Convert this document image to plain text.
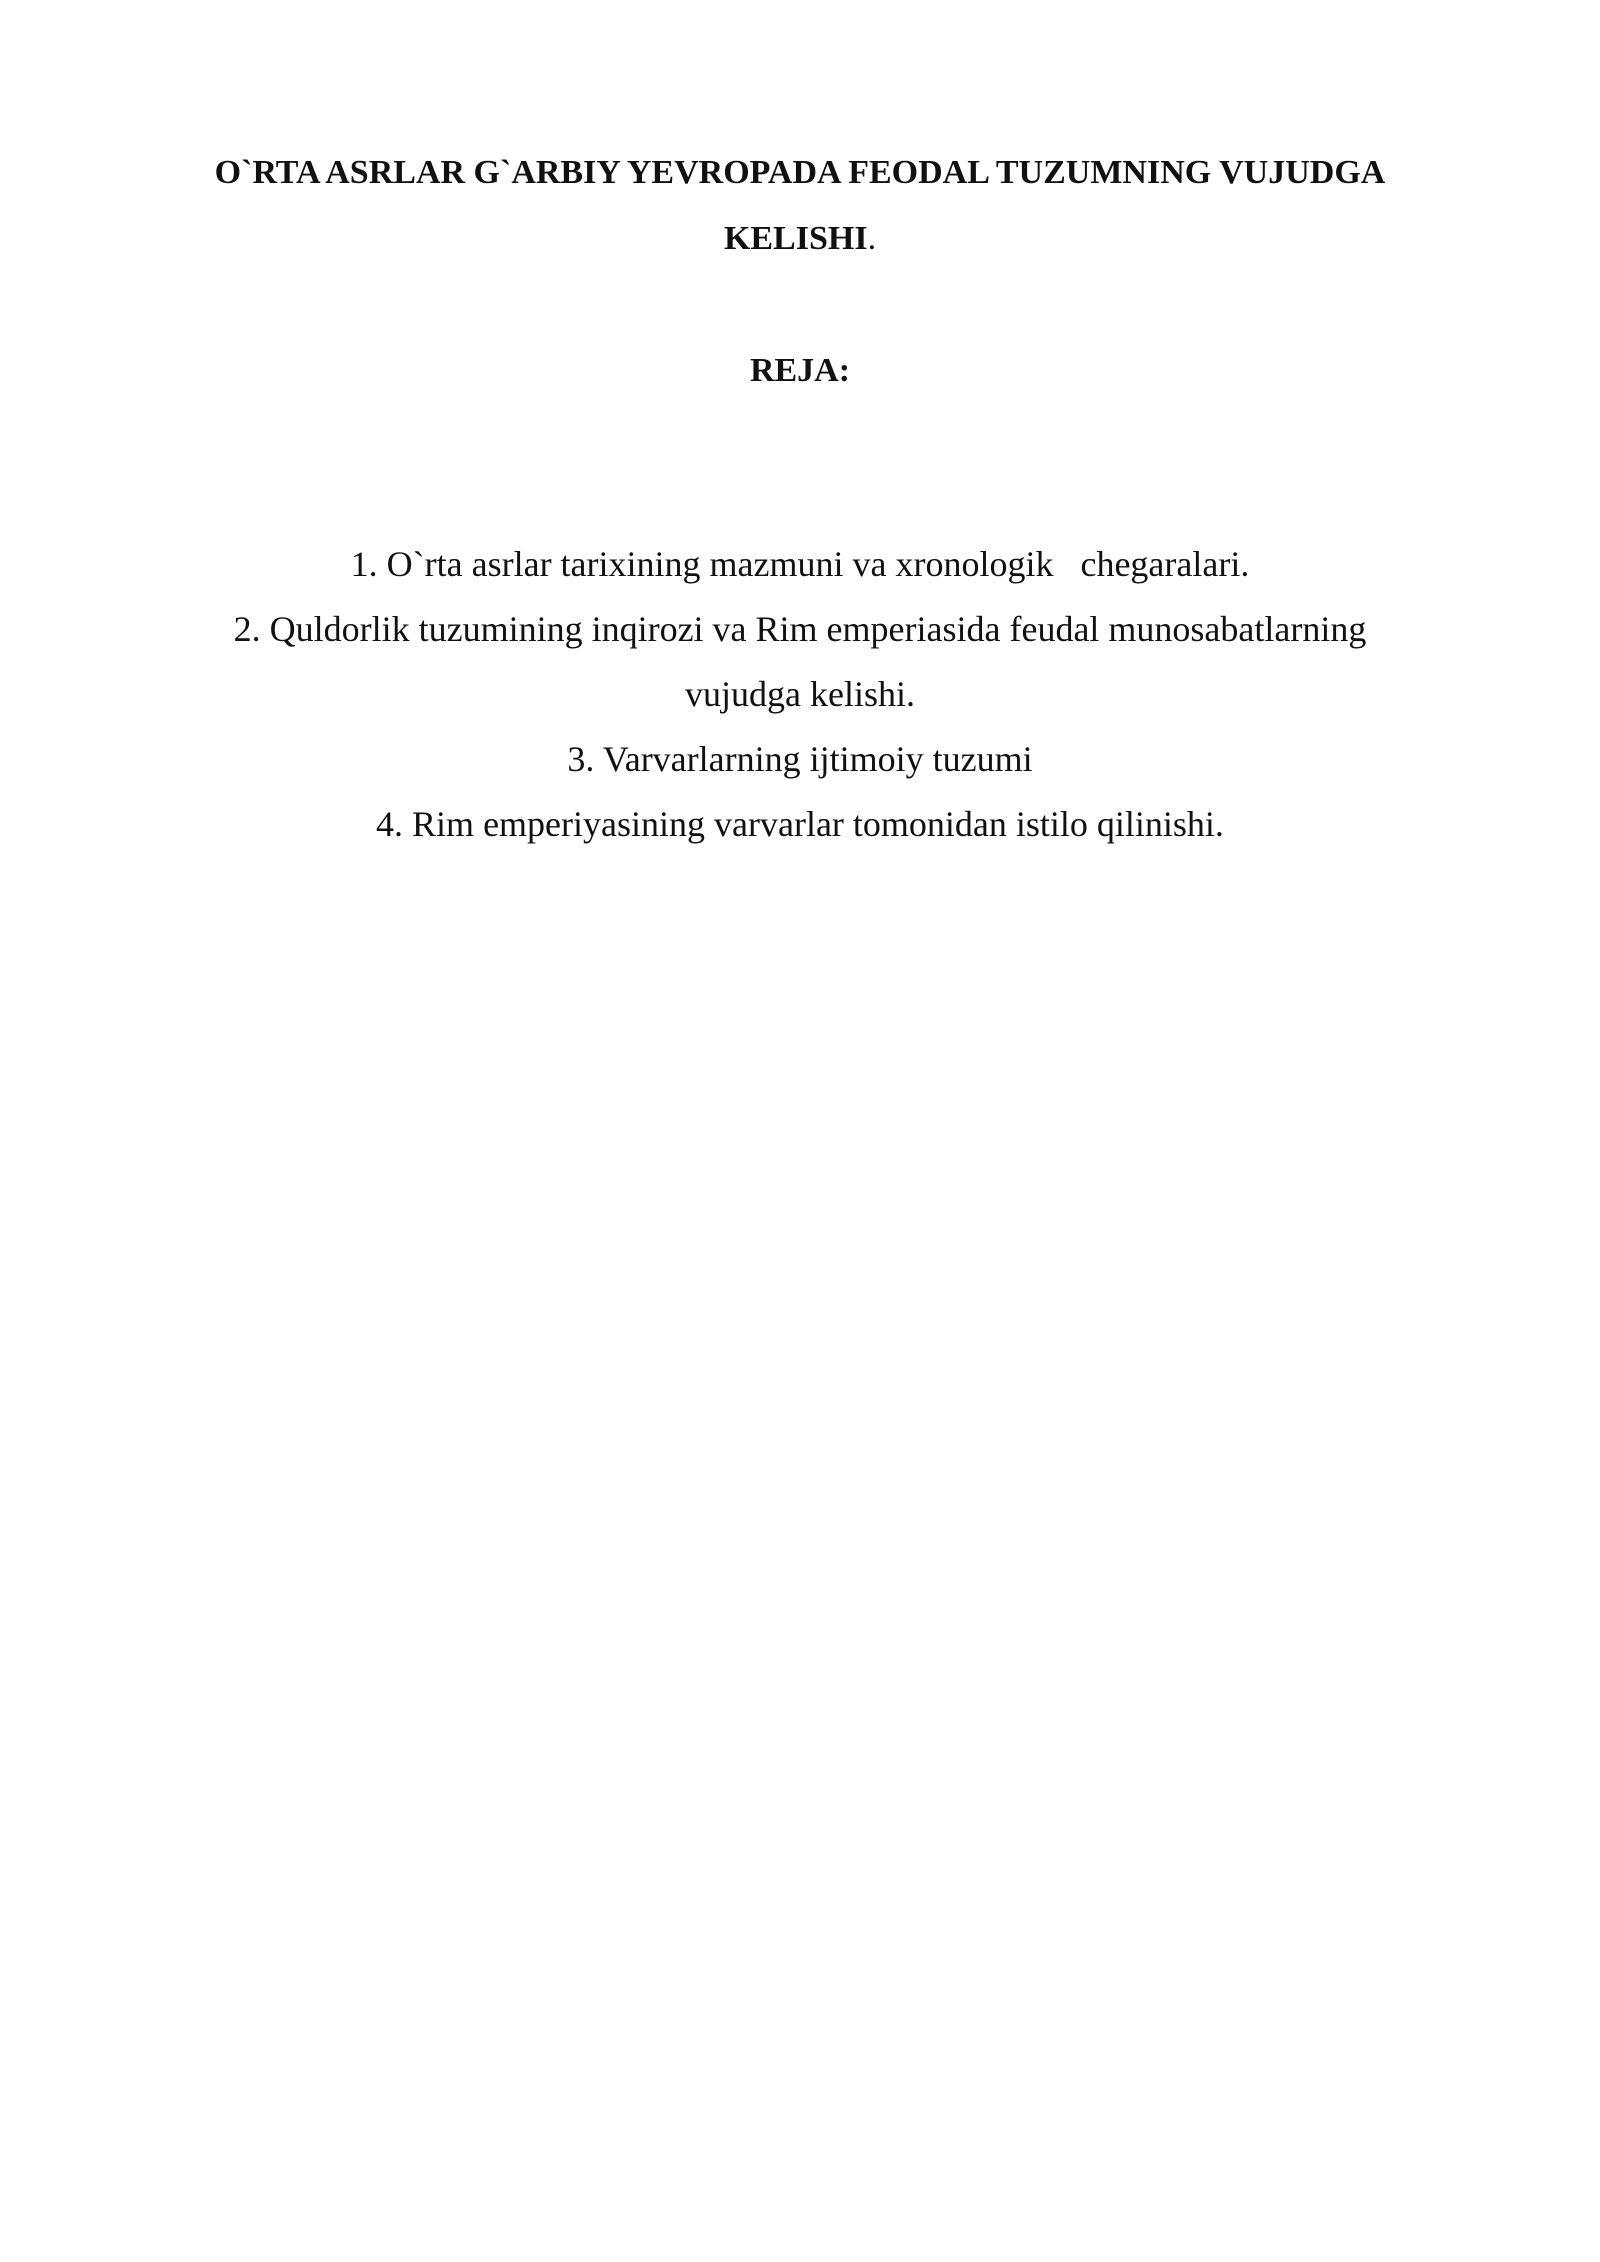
O`RTA ASRLAR G`ARBIY YEVROPADA FEODAL TUZUMNING VUJUDGA KELISHI.
REJA:
1. O`rta asrlar tarixining mazmuni va xronologik   chegaralari.
2. Quldorlik tuzumining inqirozi va Rim emperiasida feudal munosabatlarning vujudga kelishi.
3. Varvarlarning ijtimoiy tuzumi
4. Rim emperiyasining varvarlar tomonidan istilo qilinishi.
